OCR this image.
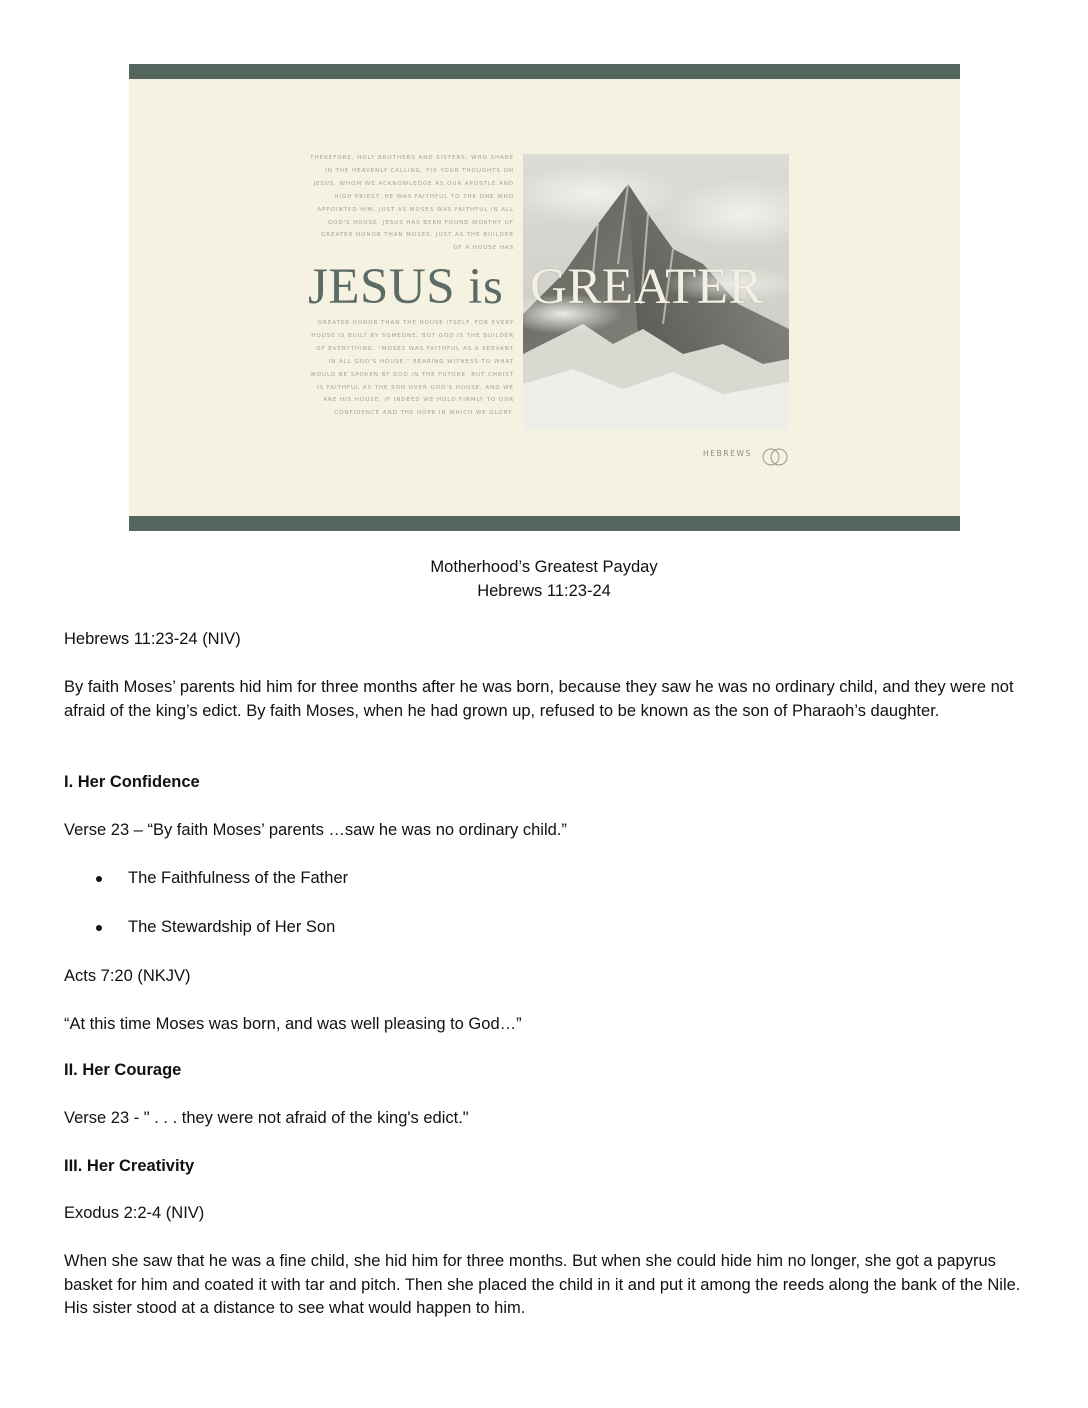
THEREFORE, HOLY BROTHERS AND SISTERS, WHO SHARE IN THE HEAVENLY CALLING, FIX YOUR THOUGHTS ON JESUS, WHOM WE ACKNOWLEDGE AS OUR APOSTLE AND HIGH PRIEST. HE WAS FAITHFUL TO THE ONE WHO APPOINTED HIM, JUST AS MOSES WAS FAITHFUL IN ALL GOD'S HOUSE. JESUS HAS BEEN FOUND WORTHY OF GREATER HONOR THAN MOSES, JUST AS THE BUILDER OF A HOUSE HAS
JESUS is GREATER
GREATER HONOR THAN THE HOUSE ITSELF. FOR EVERY HOUSE IS BUILT BY SOMEONE, BUT GOD IS THE BUILDER OF EVERYTHING. "MOSES WAS FAITHFUL AS A SERVANT IN ALL GOD'S HOUSE," BEARING WITNESS TO WHAT WOULD BE SPOKEN BY GOD IN THE FUTURE. BUT CHRIST IS FAITHFUL AS THE SON OVER GOD'S HOUSE. AND WE ARE HIS HOUSE, IF INDEED WE HOLD FIRMLY TO OUR CONFIDENCE AND THE HOPE IN WHICH WE GLORY.
HEBREWS

Motherhood’s Greatest Payday

Hebrews 11:23-24

Hebrews 11:23-24 (NIV)

By faith Moses’ parents hid him for three months after he was born, because they saw he was no ordinary child, and they were not afraid of the king’s edict. By faith Moses, when he had grown up, refused to be known as the son of Pharaoh’s daughter.

I. Her Confidence

Verse 23 – “By faith Moses’ parents …saw he was no ordinary child.”

The Faithfulness of the Father

The Stewardship of Her Son

Acts 7:20 (NKJV)

“At this time Moses was born, and was well pleasing to God…”

II. Her Courage

Verse 23 - " . . . they were not afraid of the king's edict."

III. Her Creativity

Exodus 2:2-4 (NIV)

When she saw that he was a fine child, she hid him for three months. But when she could hide him no longer, she got a papyrus basket for him and coated it with tar and pitch. Then she placed the child in it and put it among the reeds along the bank of the Nile. His sister stood at a distance to see what would happen to him.
